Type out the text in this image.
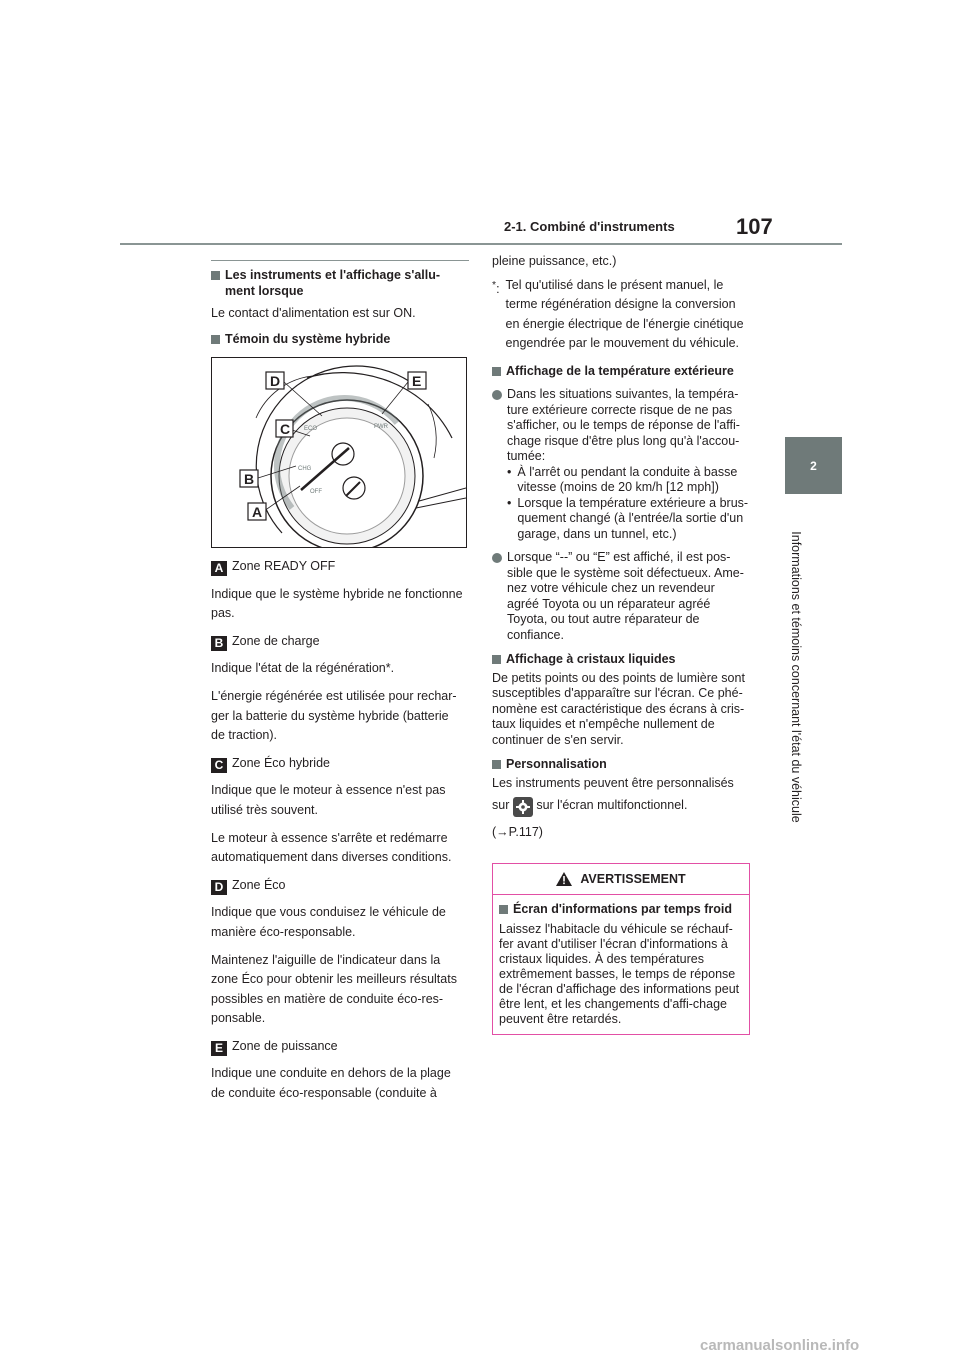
2-1. Combiné d'instruments	107
2
Informations et témoins concernant l'état du véhicule

Les instruments et l'affichage s'allu-ment lorsque

Le contact d'alimentation est sur ON.

Témoin du système hybride

ECO	PWR
CHG
OFF
D	E
C
B
A

A Zone READY OFF

Indique que le système hybride ne fonctionne

pas.

B Zone de charge

Indique l'état de la régénération*.

L'énergie régénérée est utilisée pour rechar-

ger la batterie du système hybride (batterie

de traction).

C Zone Éco hybride

Indique que le moteur à essence n'est pas

utilisé très souvent.

Le moteur à essence s'arrête et redémarre

automatiquement dans diverses conditions.

D Zone Éco

Indique que vous conduisez le véhicule de

manière éco-responsable.

Maintenez l'aiguille de l'indicateur dans la

zone Éco pour obtenir les meilleurs résultats

possibles en matière de conduite éco-res-

ponsable.

E Zone de puissance

Indique une conduite en dehors de la plage

de conduite éco-responsable (conduite à

pleine puissance, etc.)

*: Tel qu'utilisé dans le présent manuel, le

terme régénération désigne la conversion

en énergie électrique de l'énergie cinétique

engendrée par le mouvement du véhicule.

Affichage de la température extérieure

Dans les situations suivantes, la tempéra-ture extérieure correcte risque de ne pas s'afficher, ou le temps de réponse de l'affi-chage risque d'être plus long qu'à l'accou-tumée:

• À l'arrêt ou pendant la conduite à basse vitesse (moins de 20 km/h [12 mph])

• Lorsque la température extérieure a brus-quement changé (à l'entrée/la sortie d'un garage, dans un tunnel, etc.)

Lorsque “--” ou “E” est affiché, il est pos-sible que le système soit défectueux. Ame-nez votre véhicule chez un revendeur agréé Toyota ou un réparateur agréé Toyota, ou tout autre réparateur de confiance.

Affichage à cristaux liquides

De petits points ou des points de lumière sont susceptibles d'apparaître sur l'écran. Ce phé-nomène est caractéristique des écrans à cris-taux liquides et n'empêche nullement de continuer de s'en servir.

Personnalisation

Les instruments peuvent être personnalisés

sur sur l'écran multifonctionnel.

(→P.117)

AVERTISSEMENT

Écran d'informations par temps froid

Laissez l'habitacle du véhicule se réchauf-fer avant d'utiliser l'écran d'informations à cristaux liquides. À des températures extrêmement basses, le temps de réponse de l'écran d'affichage des informations peut être lent, et les changements d'affi-chage peuvent être retardés.

carmanualsonline.info
